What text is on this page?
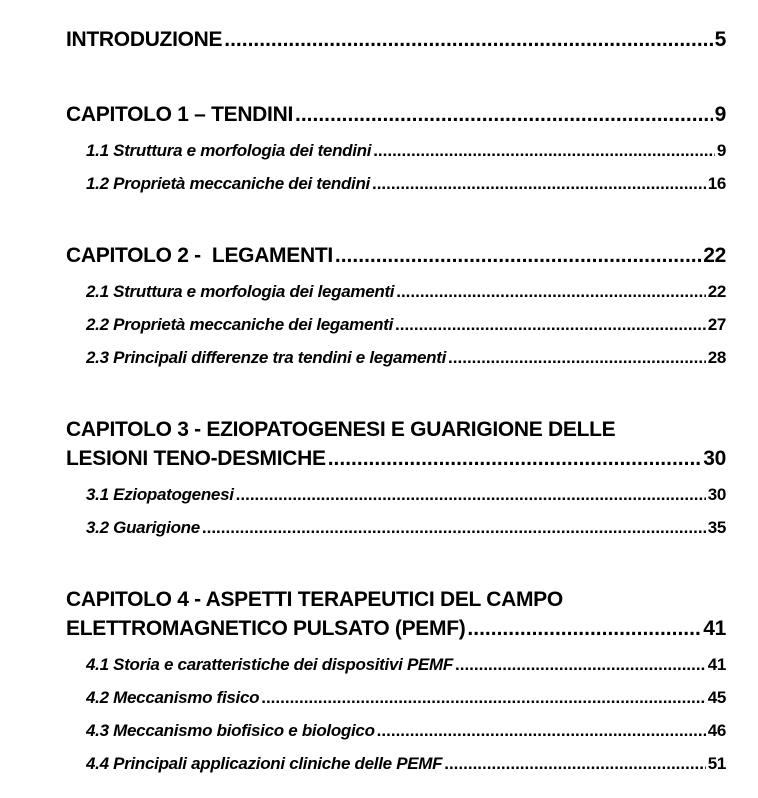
INTRODUZIONE .....	5
CAPITOLO 1 – TENDINI .....	9
1.1 Struttura e morfologia dei tendini .....	9
1.2 Proprietà meccaniche dei tendini .....	16
CAPITOLO 2 -  LEGAMENTI .....	22
2.1 Struttura e morfologia dei legamenti .....	22
2.2 Proprietà meccaniche dei legamenti .....	27
2.3 Principali differenze tra tendini e legamenti .....	28
CAPITOLO 3 - EZIOPATOGENESI E GUARIGIONE DELLE
LESIONI TENO-DESMICHE .....	30
3.1 Eziopatogenesi .....	30
3.2 Guarigione .....	35
CAPITOLO 4 - ASPETTI TERAPEUTICI DEL CAMPO
ELETTROMAGNETICO PULSATO (PEMF) .....	41
4.1 Storia e caratteristiche dei dispositivi PEMF .....	41
4.2 Meccanismo fisico .....	45
4.3 Meccanismo biofisico e biologico .....	46
4.4 Principali applicazioni cliniche delle PEMF .....	51
